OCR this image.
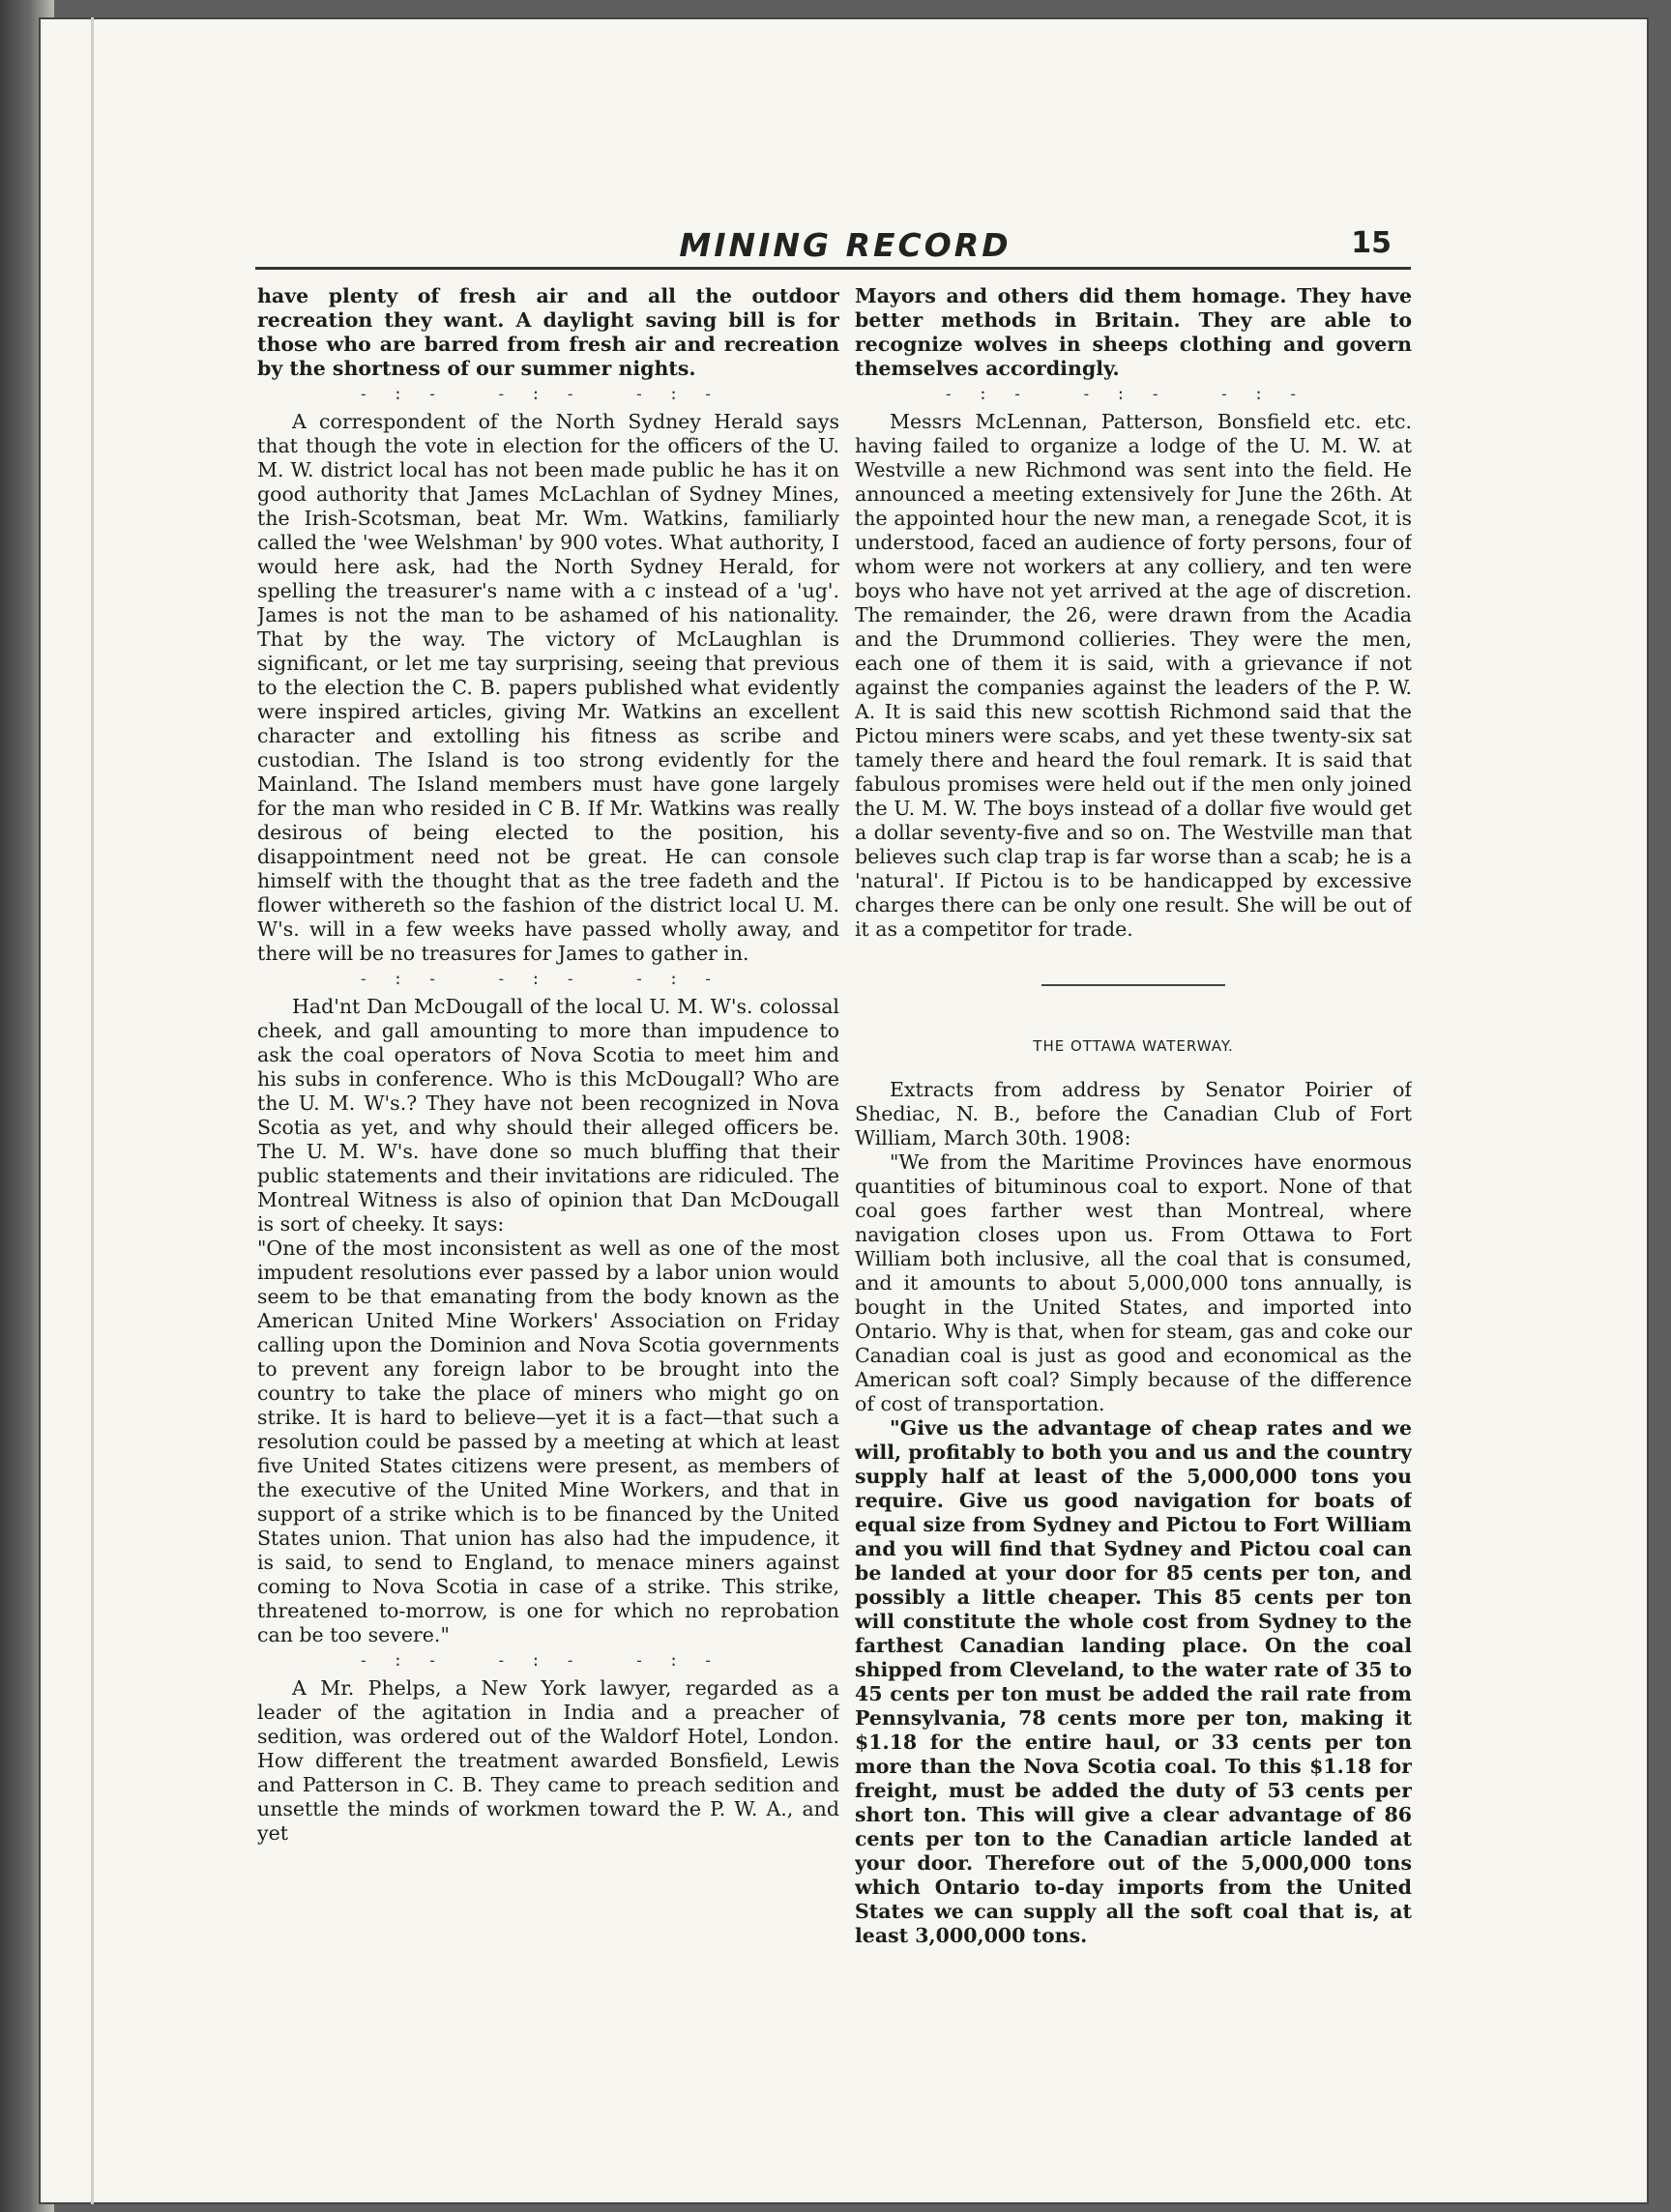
MINING RECORD	15

have plenty of fresh air and all the outdoor recreation they want. A daylight saving bill is for those who are barred from fresh air and recreation by the shortness of our summer nights.

-:- -:- -:-

A correspondent of the North Sydney Herald says that though the vote in election for the officers of the U. M. W. district local has not been made public he has it on good authority that James McLachlan of Sydney Mines, the Irish-Scotsman, beat Mr. Wm. Watkins, familiarly called the 'wee Welshman' by 900 votes. What authority, I would here ask, had the North Sydney Herald, for spelling the treasurer's name with a c instead of a 'ug'. James is not the man to be ashamed of his nationality. That by the way. The victory of McLaughlan is significant, or let me tay surprising, seeing that previous to the election the C. B. papers published what evidently were inspired articles, giving Mr. Watkins an excellent character and extolling his fitness as scribe and custodian. The Island is too strong evidently for the Mainland. The Island members must have gone largely for the man who resided in C B. If Mr. Watkins was really desirous of being elected to the position, his disappointment need not be great. He can console himself with the thought that as the tree fadeth and the flower withereth so the fashion of the district local U. M. W's. will in a few weeks have passed wholly away, and there will be no treasures for James to gather in.

-:- -:- -:-

Had'nt Dan McDougall of the local U. M. W's. colossal cheek, and gall amounting to more than impudence to ask the coal operators of Nova Scotia to meet him and his subs in conference. Who is this McDougall? Who are the U. M. W's.? They have not been recognized in Nova Scotia as yet, and why should their alleged officers be. The U. M. W's. have done so much bluffing that their public statements and their invitations are ridiculed. The Montreal Witness is also of opinion that Dan McDougall is sort of cheeky. It says:

"One of the most inconsistent as well as one of the most impudent resolutions ever passed by a labor union would seem to be that emanating from the body known as the American United Mine Workers' Association on Friday calling upon the Dominion and Nova Scotia governments to prevent any foreign labor to be brought into the country to take the place of miners who might go on strike. It is hard to believe—yet it is a fact—that such a resolution could be passed by a meeting at which at least five United States citizens were present, as members of the executive of the United Mine Workers, and that in support of a strike which is to be financed by the United States union. That union has also had the impudence, it is said, to send to England, to menace miners against coming to Nova Scotia in case of a strike. This strike, threatened to-morrow, is one for which no reprobation can be too severe."

-:- -:- -:-

A Mr. Phelps, a New York lawyer, regarded as a leader of the agitation in India and a preacher of sedition, was ordered out of the Waldorf Hotel, London. How different the treatment awarded Bonsfield, Lewis and Patterson in C. B. They came to preach sedition and unsettle the minds of workmen toward the P. W. A., and yet

Mayors and others did them homage. They have better methods in Britain. They are able to recognize wolves in sheeps clothing and govern themselves accordingly.

-:- -:- -:-

Messrs McLennan, Patterson, Bonsfield etc. etc. having failed to organize a lodge of the U. M. W. at Westville a new Richmond was sent into the field. He announced a meeting extensively for June the 26th. At the appointed hour the new man, a renegade Scot, it is understood, faced an audience of forty persons, four of whom were not workers at any colliery, and ten were boys who have not yet arrived at the age of discretion. The remainder, the 26, were drawn from the Acadia and the Drummond collieries. They were the men, each one of them it is said, with a grievance if not against the companies against the leaders of the P. W. A. It is said this new scottish Richmond said that the Pictou miners were scabs, and yet these twenty-six sat tamely there and heard the foul remark. It is said that fabulous promises were held out if the men only joined the U. M. W. The boys instead of a dollar five would get a dollar seventy-five and so on. The Westville man that believes such clap trap is far worse than a scab; he is a 'natural'. If Pictou is to be handicapped by excessive charges there can be only one result. She will be out of it as a competitor for trade.

THE OTTAWA WATERWAY.

Extracts from address by Senator Poirier of Shediac, N. B., before the Canadian Club of Fort William, March 30th. 1908:

"We from the Maritime Provinces have enormous quantities of bituminous coal to export. None of that coal goes farther west than Montreal, where navigation closes upon us. From Ottawa to Fort William both inclusive, all the coal that is consumed, and it amounts to about 5,000,000 tons annually, is bought in the United States, and imported into Ontario. Why is that, when for steam, gas and coke our Canadian coal is just as good and economical as the American soft coal? Simply because of the difference of cost of transportation.

"Give us the advantage of cheap rates and we will, profitably to both you and us and the country supply half at least of the 5,000,000 tons you require. Give us good navigation for boats of equal size from Sydney and Pictou to Fort William and you will find that Sydney and Pictou coal can be landed at your door for 85 cents per ton, and possibly a little cheaper. This 85 cents per ton will constitute the whole cost from Sydney to the farthest Canadian landing place. On the coal shipped from Cleveland, to the water rate of 35 to 45 cents per ton must be added the rail rate from Pennsylvania, 78 cents more per ton, making it $1.18 for the entire haul, or 33 cents per ton more than the Nova Scotia coal. To this $1.18 for freight, must be added the duty of 53 cents per short ton. This will give a clear advantage of 86 cents per ton to the Canadian article landed at your door. Therefore out of the 5,000,000 tons which Ontario to-day imports from the United States we can supply all the soft coal that is, at least 3,000,000 tons.
